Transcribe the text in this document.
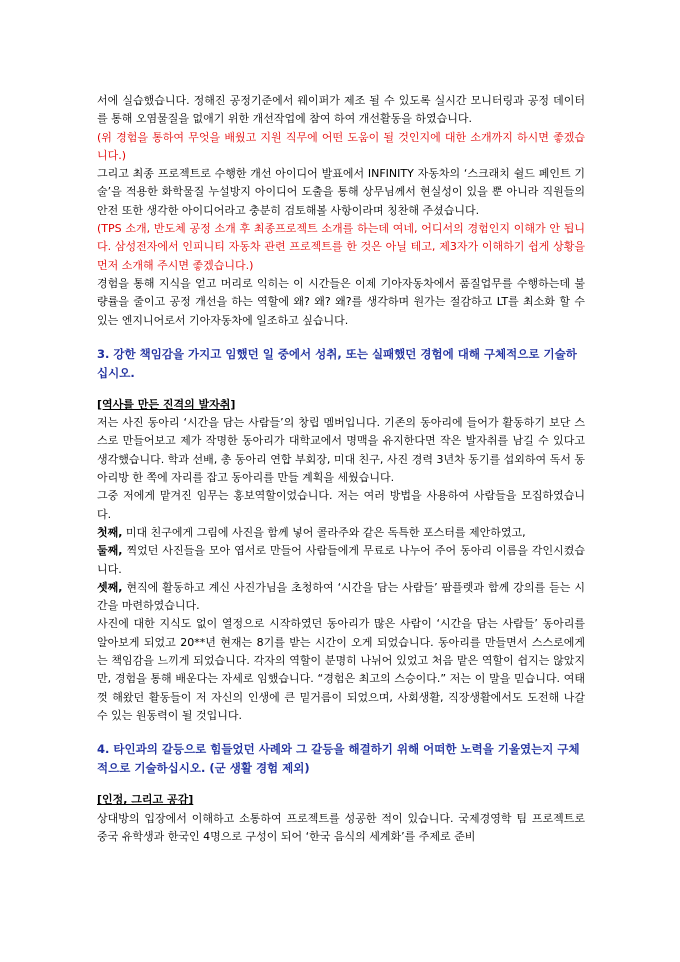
서에 실습했습니다. 정해진 공정기준에서 웨이퍼가 제조 될 수 있도록 실시간 모니터링과 공정 데이터를 통해 오염물질을 없애기 위한 개선작업에 참여 하여 개선활동을 하였습니다.

(위 경험을 통하여 무엇을 배웠고 지원 직무에 어떤 도움이 될 것인지에 대한 소개까지 하시면 좋겠습니다.)

그리고 최종 프로젝트로 수행한 개선 아이디어 발표에서 INFINITY 자동차의 ‘스크래치 쉴드 페인트 기술’을 적용한 화학물질 누설방지 아이디어 도출을 통해 상무님께서 현실성이 있을 뿐 아니라 직원들의 안전 또한 생각한 아이디어라고 충분히 검토해볼 사항이라며 칭찬해 주셨습니다.

(TPS 소개, 반도체 공정 소개 후 최종프로젝트 소개를 하는데 여네, 어디서의 경험인지 이해가 안 됩니다. 삼성전자에서 인피니티 자동차 관련 프로젝트를 한 것은 아닐 테고, 제3자가 이해하기 쉽게 상황을 먼저 소개해 주시면 좋겠습니다.)

경험을 통해 지식을 얻고 머리로 익히는 이 시간들은 이제 기아자동차에서 품질업무를 수행하는데 불량률을 줄이고 공정 개선을 하는 역할에 왜? 왜? 왜?를 생각하며 원가는 절감하고 LT를 최소화 할 수 있는 엔지니어로서 기아자동차에 일조하고 싶습니다.

3. 강한 책임감을 가지고 임했던 일 중에서 성취, 또는 실패했던 경험에 대해 구체적으로 기술하십시오.

[역사를 만든 진격의 발자취]

저는 사진 동아리 ‘시간을 담는 사람들’의 창립 멤버입니다. 기존의 동아리에 들어가 활동하기 보단 스스로 만들어보고 제가 작명한 동아리가 대학교에서 명맥을 유지한다면 작은 발자취를 남길 수 있다고 생각했습니다. 학과 선배, 총 동아리 연합 부회장, 미대 친구, 사진 경력 3년차 동기를 섭외하여 독서 동아리방 한 쪽에 자리를 잡고 동아리를 만들 계획을 세웠습니다.

그중 저에게 맡겨진 임무는 홍보역할이었습니다. 저는 여러 방법을 사용하여 사람들을 모집하였습니다.

첫째, 미대 친구에게 그림에 사진을 함께 넣어 콜라주와 같은 독특한 포스터를 제안하였고,

둘째, 찍었던 사진들을 모아 엽서로 만들어 사람들에게 무료로 나누어 주어 동아리 이름을 각인시켰습니다.

셋째, 현직에 활동하고 계신 사진가님을 초청하여 ‘시간을 담는 사람들’ 팜플렛과 함께 강의를 듣는 시간을 마련하였습니다.

사진에 대한 지식도 없이 열정으로 시작하였던 동아리가 많은 사람이 ‘시간을 담는 사람들’ 동아리를 알아보게 되었고 20**년 현재는 8기를 받는 시간이 오게 되었습니다. 동아리를 만들면서 스스로에게는 책임감을 느끼게 되었습니다. 각자의 역할이 분명히 나뉘어 있었고 처음 맡은 역할이 쉽지는 않았지만, 경험을 통해 배운다는 자세로 임했습니다. “경험은 최고의 스승이다.” 저는 이 말을 믿습니다. 여태껏 해왔던 활동들이 저 자신의 인생에 큰 밑거름이 되었으며, 사회생활, 직장생활에서도 도전해 나갈 수 있는 원동력이 될 것입니다.

4. 타인과의 갈등으로 힘들었던 사례와 그 갈등을 해결하기 위해 어떠한 노력을 기울였는지 구체적으로 기술하십시오. (군 생활 경험 제외)

[인정, 그리고 공감]

상대방의 입장에서 이해하고 소통하여 프로젝트를 성공한 적이 있습니다. 국제경영학 팀 프로젝트로 중국 유학생과 한국인 4명으로 구성이 되어 ‘한국 음식의 세계화’를 주제로 준비
